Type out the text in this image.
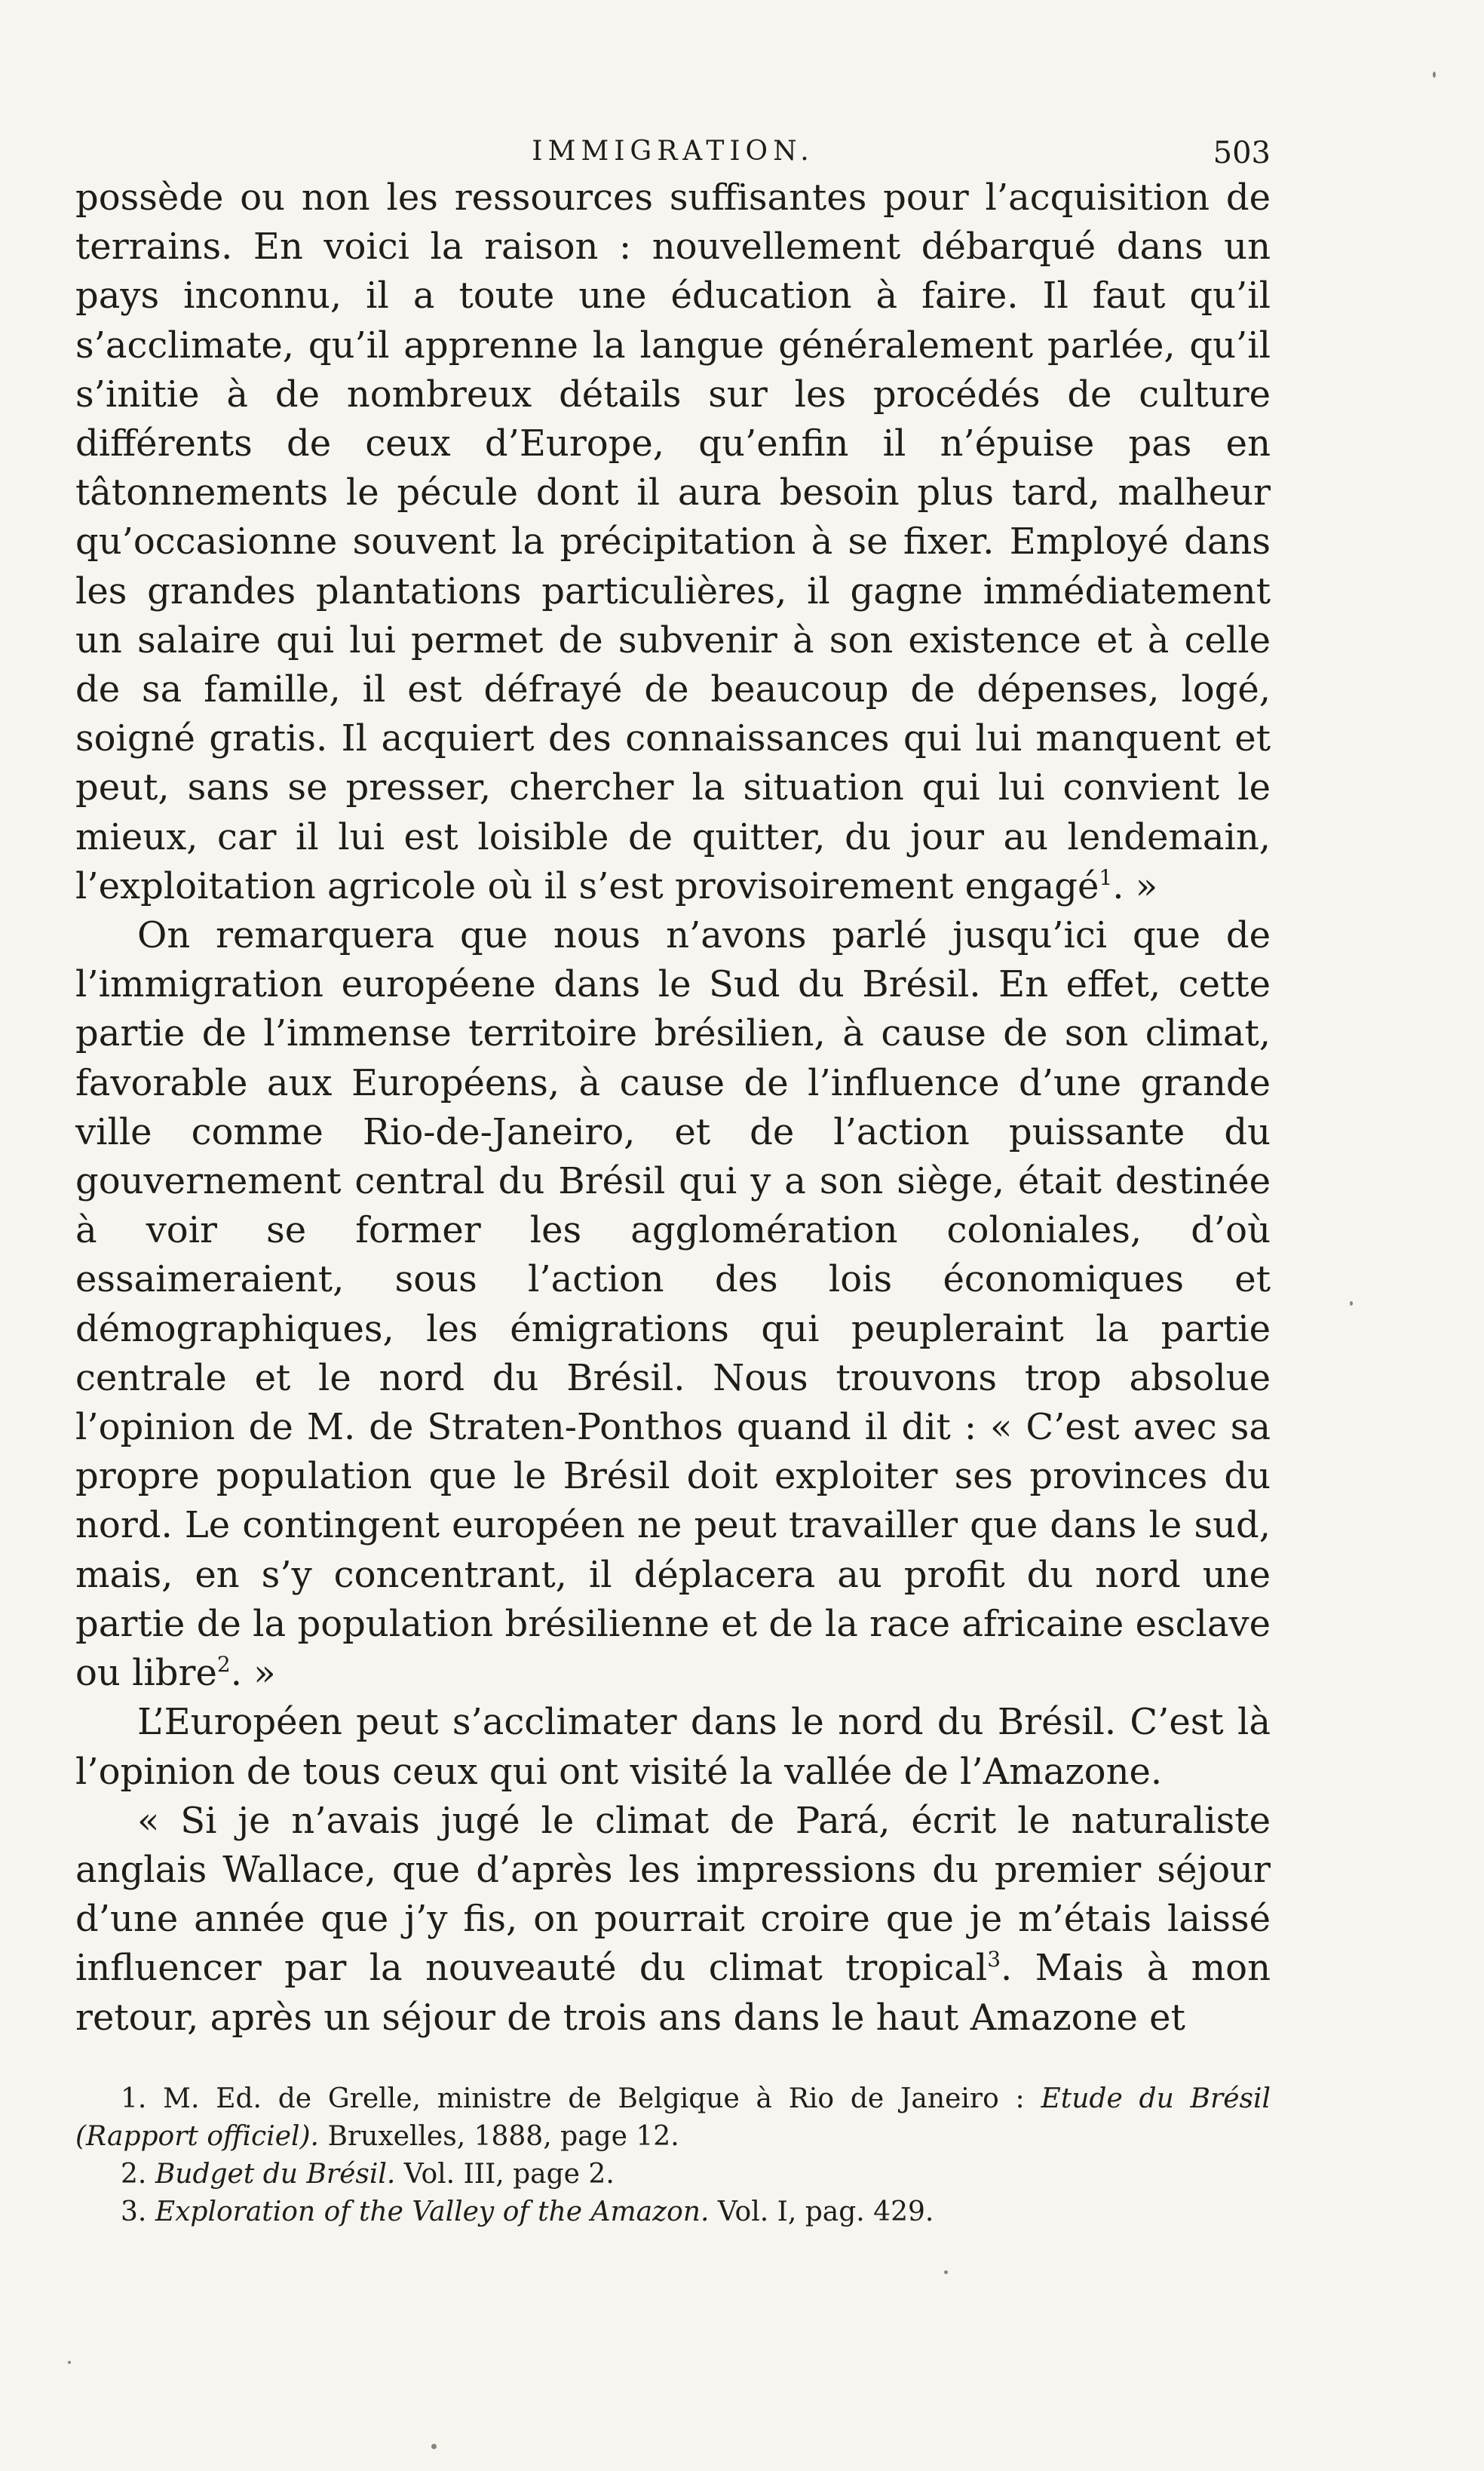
IMMIGRATION.	503

possède ou non les ressources suffisantes pour l’acquisition de terrains. En voici la raison : nouvellement débarqué dans un pays inconnu, il a toute une éducation à faire. Il faut qu’il s’acclimate, qu’il apprenne la langue généralement parlée, qu’il s’initie à de nombreux détails sur les procédés de culture différents de ceux d’Europe, qu’enfin il n’épuise pas en tâtonnements le pécule dont il aura besoin plus tard, malheur qu’occasionne souvent la précipitation à se fixer. Employé dans les grandes plantations particulières, il gagne immédiatement un salaire qui lui permet de subvenir à son existence et à celle de sa famille, il est défrayé de beaucoup de dépenses, logé, soigné gratis. Il acquiert des connaissances qui lui manquent et peut, sans se presser, chercher la situation qui lui convient le mieux, car il lui est loisible de quitter, du jour au lendemain, l’exploitation agricole où il s’est provisoirement engagé$^1$. »

On remarquera que nous n’avons parlé jusqu’ici que de l’immigration européene dans le Sud du Brésil. En effet, cette partie de l’immense territoire brésilien, à cause de son climat, favorable aux Européens, à cause de l’influence d’une grande ville comme Rio-de-Janeiro, et de l’action puissante du gouvernement central du Brésil qui y a son siège, était destinée à voir se former les agglomération coloniales, d’où essaimeraient, sous l’action des lois économiques et démographiques, les émigrations qui peupleraint la partie centrale et le nord du Brésil. Nous trouvons trop absolue l’opinion de M. de Straten-Ponthos quand il dit : « C’est avec sa propre population que le Brésil doit exploiter ses provinces du nord. Le contingent européen ne peut travailler que dans le sud, mais, en s’y concentrant, il déplacera au profit du nord une partie de la population brésilienne et de la race africaine esclave ou libre$^2$. »

L’Européen peut s’acclimater dans le nord du Brésil. C’est là l’opinion de tous ceux qui ont visité la vallée de l’Amazone.

« Si je n’avais jugé le climat de Pará, écrit le naturaliste anglais Wallace, que d’après les impressions du premier séjour d’une année que j’y fis, on pourrait croire que je m’étais laissé influencer par la nouveauté du climat tropical$^3$. Mais à mon retour, après un séjour de trois ans dans le haut Amazone et

1. M. Ed. de Grelle, ministre de Belgique à Rio de Janeiro : Etude du Brésil (Rapport officiel). Bruxelles, 1888, page 12.

2. Budget du Brésil. Vol. III, page 2.

3. Exploration of the Valley of the Amazon. Vol. I, pag. 429.
